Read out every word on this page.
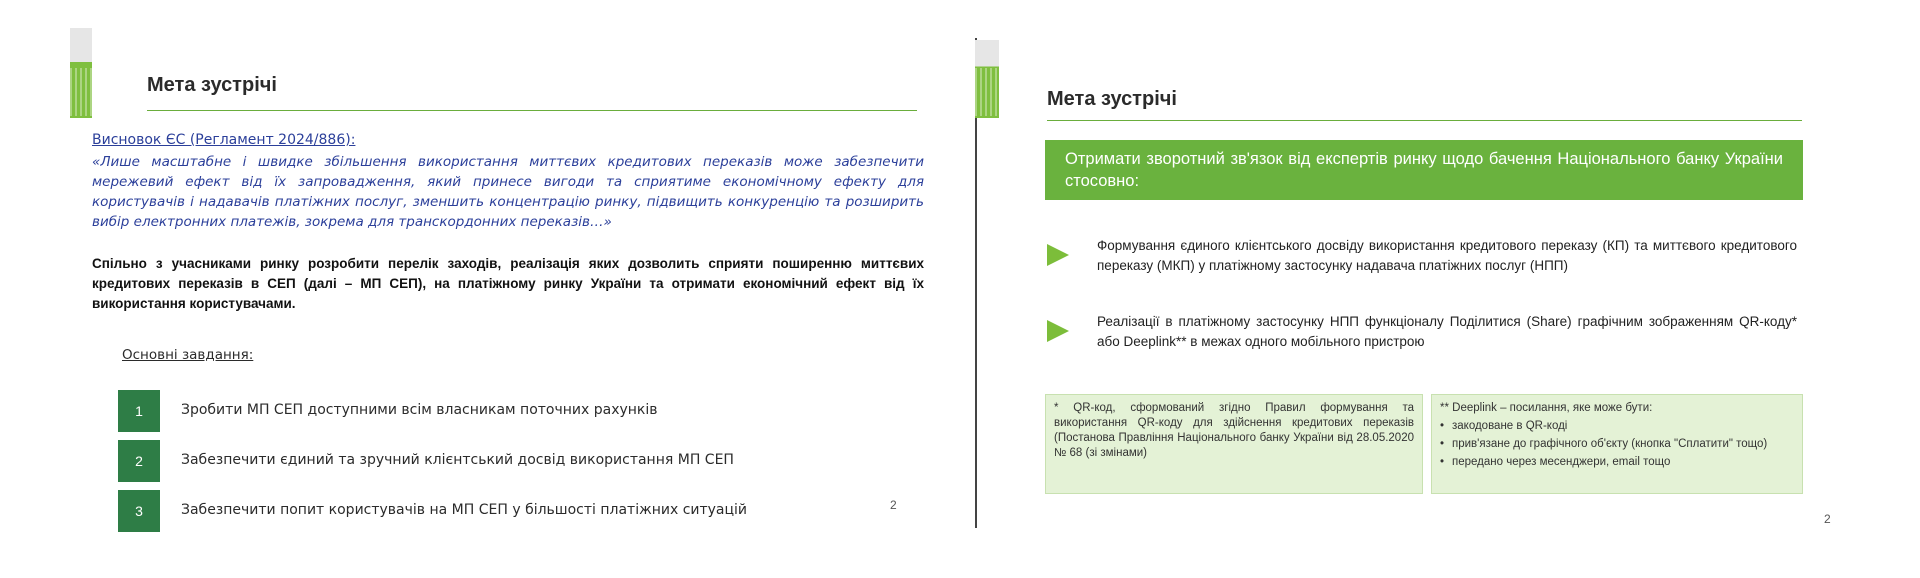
Мета зустрічі
Висновок ЄС (Регламент 2024/886):
«Лише масштабне і швидке збільшення використання миттєвих кредитових переказів може забезпечити мережевий ефект від їх запровадження, який принесе вигоди та сприятиме економічному ефекту для користувачів і надавачів платіжних послуг, зменшить концентрацію ринку, підвищить конкуренцію та розширить вибір електронних платежів, зокрема для транскордонних переказів…»
Спільно з учасниками ринку розробити перелік заходів, реалізація яких дозволить сприяти поширенню миттєвих кредитових переказів в СЕП (далі – МП СЕП), на платіжному ринку України та отримати економічний ефект від їх використання користувачами.
Основні завдання:
1	Зробити МП СЕП доступними всім власникам поточних рахунків
2	Забезпечити єдиний та зручний клієнтський досвід використання МП СЕП
3	Забезпечити попит користувачів на МП СЕП у більшості платіжних ситуацій	2
Мета зустрічі
Отримати зворотний зв'язок від експертів ринку щодо бачення Національного банку України стосовно:
Формування єдиного клієнтського досвіду використання кредитового переказу (КП) та миттєвого кредитового переказу (МКП) у платіжному застосунку надавача платіжних послуг (НПП)
Реалізації в платіжному застосунку НПП функціоналу Поділитися (Share) графічним зображенням QR-коду* або Deeplink** в межах одного мобільного пристрою
* QR-код, сформований згідно Правил формування та використання QR-коду для здійснення кредитових переказів (Постанова Правління Національного банку України від 28.05.2020 № 68 (зі змінами)
** Deeplink – посилання, яке може бути:
• закодоване в QR-коді
• прив'язане до графічного об'єкту (кнопка "Сплатити" тощо)
• передано через месенджери, email тощо
2
